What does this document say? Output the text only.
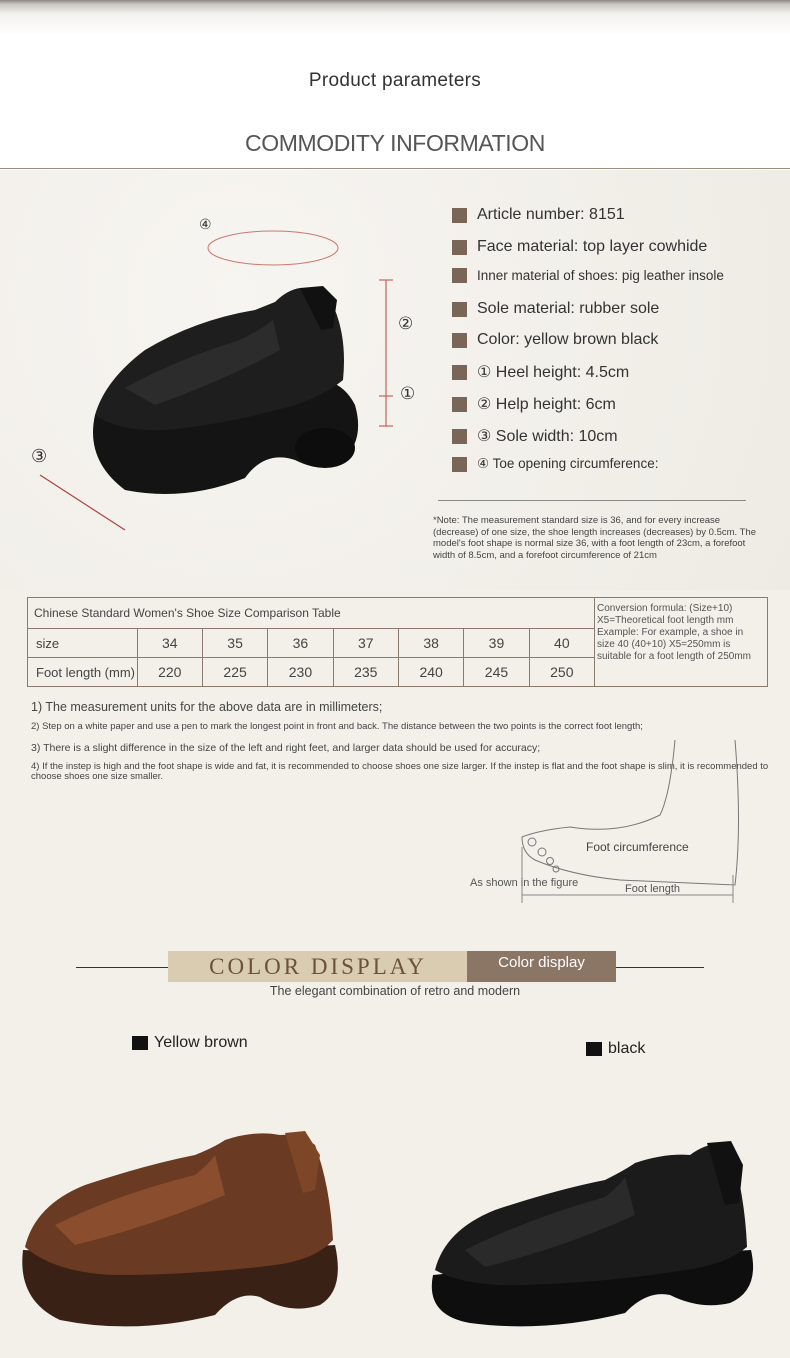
Product parameters
COMMODITY INFORMATION
④
②
①
③
Article number: 8151
Face material: top layer cowhide
Inner material of shoes: pig leather insole
Sole material: rubber sole
Color: yellow brown black
① Heel height: 4.5cm
② Help height: 6cm
③ Sole width: 10cm
④ Toe opening circumference:
*Note: The measurement standard size is 36, and for every increase (decrease) of one size, the shoe length increases (decreases) by 0.5cm. The model's foot shape is normal size 36, with a foot length of 23cm, a forefoot width of 8.5cm, and a forefoot circumference of 21cm
Chinese Standard Women's Shoe Size Comparison Table								
size	34	35	36	37	38	39	40	
Foot length (mm)	220	225	230	235	240	245	250	
Conversion formula: (Size+10) X5=Theoretical foot length mm Example: For example, a shoe in size 40 (40+10) X5=250mm is suitable for a foot length of 250mm
1) The measurement units for the above data are in millimeters;
2) Step on a white paper and use a pen to mark the longest point in front and back. The distance between the two points is the correct foot length;
3) There is a slight difference in the size of the left and right feet, and larger data should be used for accuracy;
4) If the instep is high and the foot shape is wide and fat, it is recommended to choose shoes one size larger. If the instep is flat and the foot shape is slim, it is recommended to choose shoes one size smaller.
Foot circumference
As shown in the figure	Foot length
COLOR DISPLAY	Color display
The elegant combination of retro and modern
Yellow brown	black
